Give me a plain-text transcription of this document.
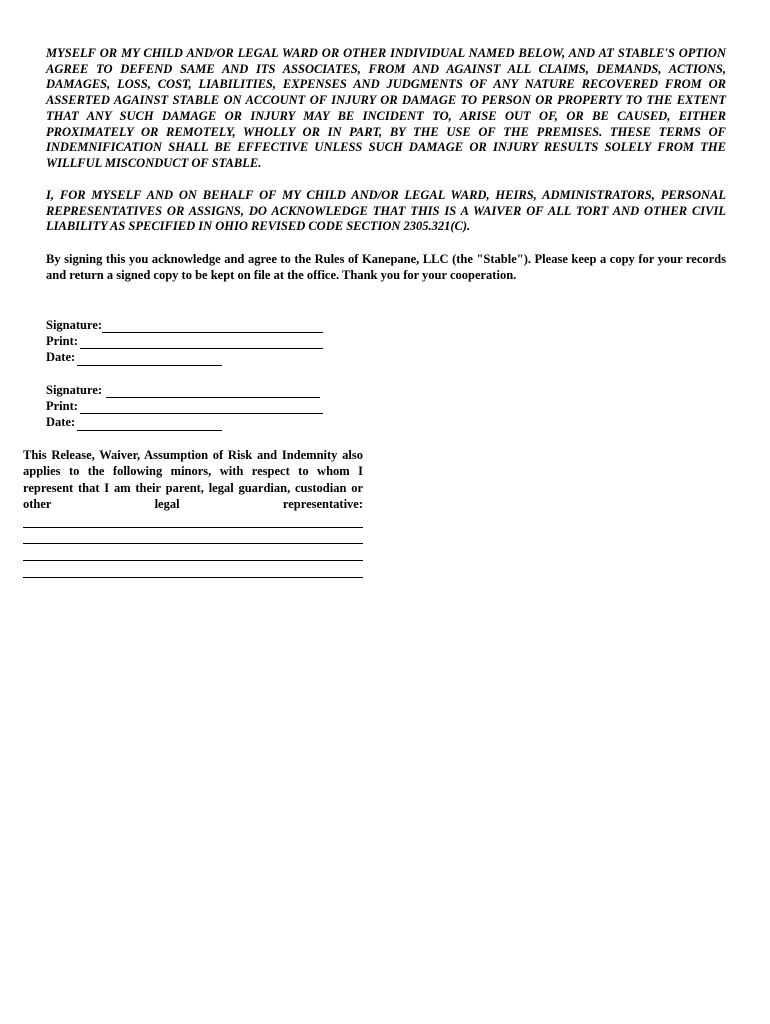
MYSELF OR MY CHILD AND/OR LEGAL WARD OR OTHER INDIVIDUAL NAMED BELOW, AND AT STABLE'S OPTION AGREE TO DEFEND SAME AND ITS ASSOCIATES, FROM AND AGAINST ALL CLAIMS, DEMANDS, ACTIONS, DAMAGES, LOSS, COST, LIABILITIES, EXPENSES AND JUDGMENTS OF ANY NATURE RECOVERED FROM OR ASSERTED AGAINST STABLE ON ACCOUNT OF INJURY OR DAMAGE TO PERSON OR PROPERTY TO THE EXTENT THAT ANY SUCH DAMAGE OR INJURY MAY BE INCIDENT TO, ARISE OUT OF, OR BE CAUSED, EITHER PROXIMATELY OR REMOTELY, WHOLLY OR IN PART, BY THE USE OF THE PREMISES. THESE TERMS OF INDEMNIFICATION SHALL BE EFFECTIVE UNLESS SUCH DAMAGE OR INJURY RESULTS SOLELY FROM THE WILLFUL MISCONDUCT OF STABLE.
I, FOR MYSELF AND ON BEHALF OF MY CHILD AND/OR LEGAL WARD, HEIRS, ADMINISTRATORS, PERSONAL REPRESENTATIVES OR ASSIGNS, DO ACKNOWLEDGE THAT THIS IS A WAIVER OF ALL TORT AND OTHER CIVIL LIABILITY AS SPECIFIED IN OHIO REVISED CODE SECTION 2305.321(C).
By signing this you acknowledge and agree to the Rules of Kanepane, LLC (the "Stable"). Please keep a copy for your records and return a signed copy to be kept on file at the office. Thank you for your cooperation.
Signature:
Print:
Date:
Signature:
Print:
Date:
This Release, Waiver, Assumption of Risk and Indemnity also applies to the following minors, with respect to whom I represent that I am their parent, legal guardian, custodian or other legal representative:
